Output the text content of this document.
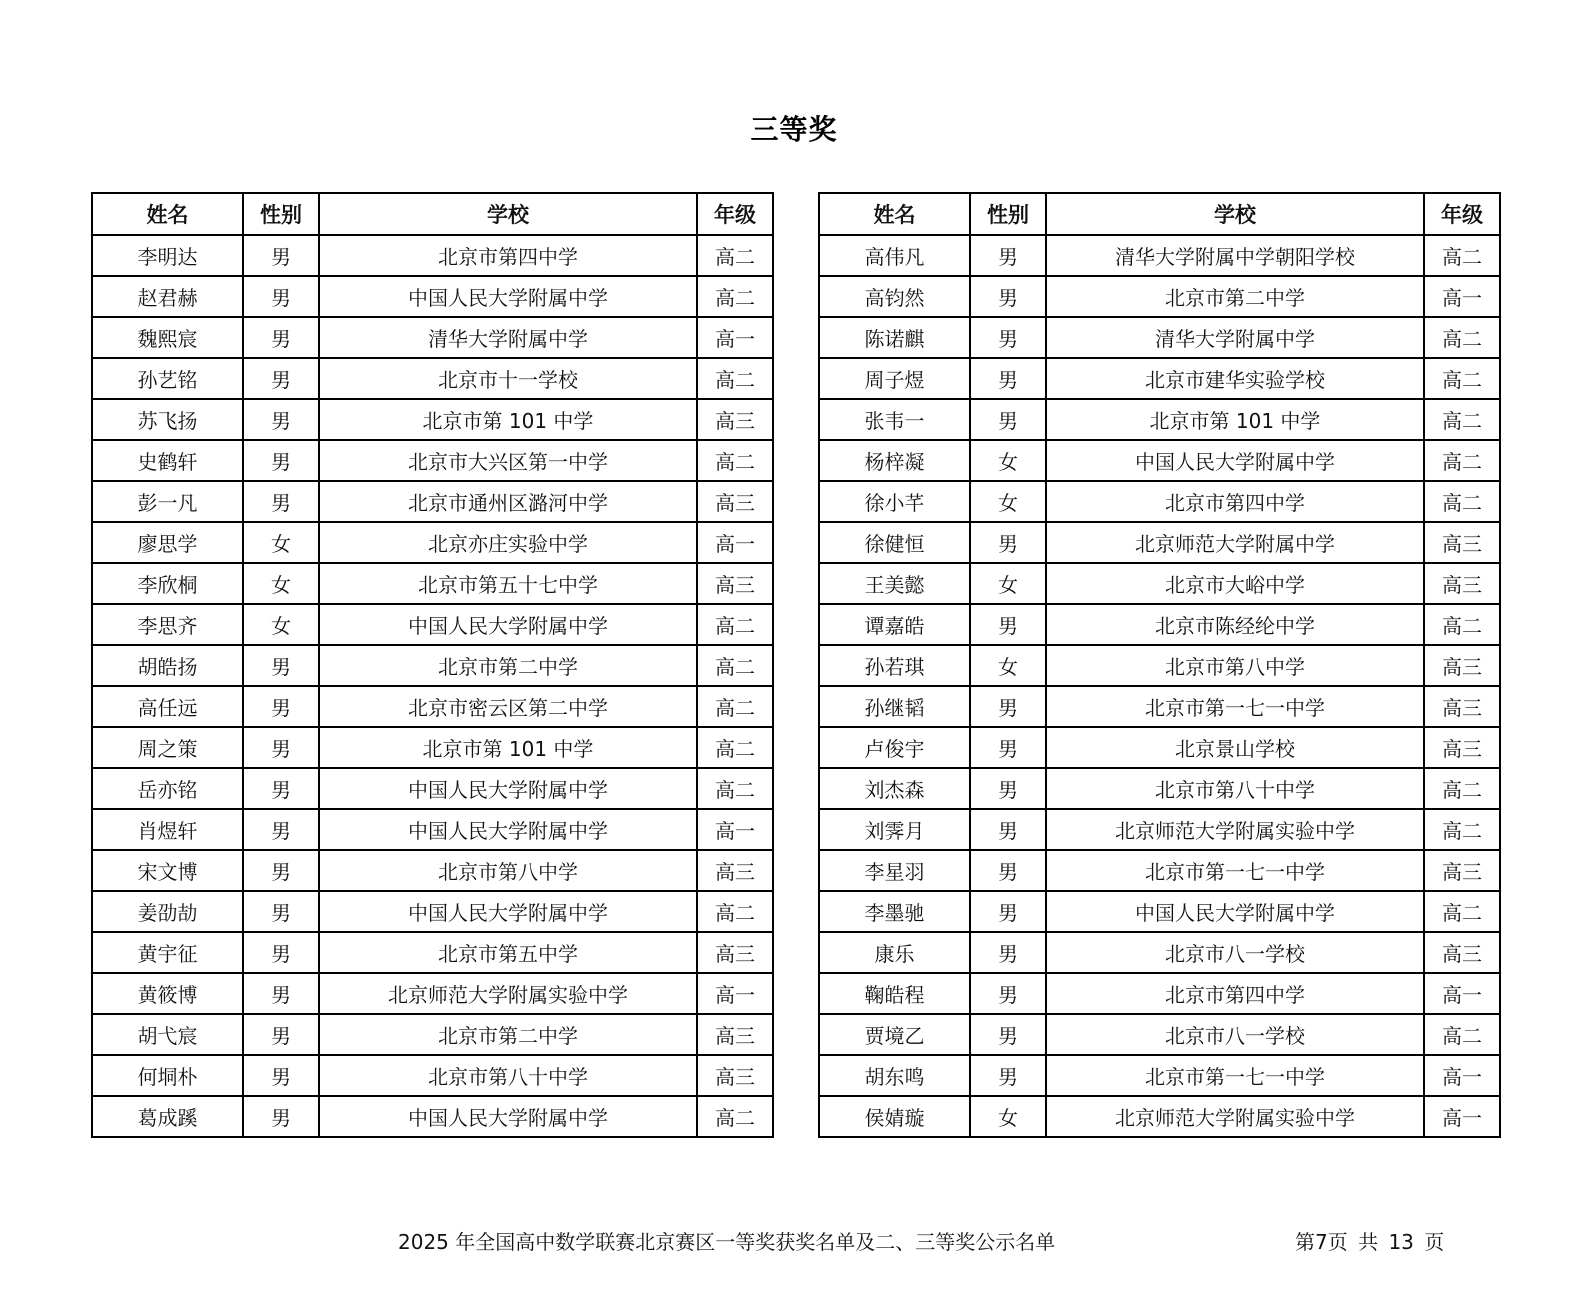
三等奖
姓名	性别	学校	年级
李明达	男	北京市第四中学	高二
赵君赫	男	中国人民大学附属中学	高二
魏熙宸	男	清华大学附属中学	高一
孙艺铭	男	北京市十一学校	高二
苏飞扬	男	北京市第 101 中学	高三
史鹤轩	男	北京市大兴区第一中学	高二
彭一凡	男	北京市通州区潞河中学	高三
廖思学	女	北京亦庄实验中学	高一
李欣桐	女	北京市第五十七中学	高三
李思齐	女	中国人民大学附属中学	高二
胡皓扬	男	北京市第二中学	高二
高任远	男	北京市密云区第二中学	高二
周之策	男	北京市第 101 中学	高二
岳亦铭	男	中国人民大学附属中学	高二
肖煜轩	男	中国人民大学附属中学	高一
宋文博	男	北京市第八中学	高三
姜劭劼	男	中国人民大学附属中学	高二
黄宇征	男	北京市第五中学	高三
黄筱博	男	北京师范大学附属实验中学	高一
胡弋宸	男	北京市第二中学	高三
何垌朴	男	北京市第八十中学	高三
葛成蹊	男	中国人民大学附属中学	高二
姓名	性别	学校	年级
高伟凡	男	清华大学附属中学朝阳学校	高二
高钧然	男	北京市第二中学	高一
陈诺麒	男	清华大学附属中学	高二
周子煜	男	北京市建华实验学校	高二
张韦一	男	北京市第 101 中学	高二
杨梓凝	女	中国人民大学附属中学	高二
徐小芊	女	北京市第四中学	高二
徐健恒	男	北京师范大学附属中学	高三
王美懿	女	北京市大峪中学	高三
谭嘉皓	男	北京市陈经纶中学	高二
孙若琪	女	北京市第八中学	高三
孙继韬	男	北京市第一七一中学	高三
卢俊宇	男	北京景山学校	高三
刘杰森	男	北京市第八十中学	高二
刘霁月	男	北京师范大学附属实验中学	高二
李星羽	男	北京市第一七一中学	高三
李墨驰	男	中国人民大学附属中学	高二
康乐	男	北京市八一学校	高三
鞠皓程	男	北京市第四中学	高一
贾境乙	男	北京市八一学校	高二
胡东鸣	男	北京市第一七一中学	高一
侯婧璇	女	北京师范大学附属实验中学	高一
2025 年全国高中数学联赛北京赛区一等奖获奖名单及二、三等奖公示名单	第7页 共 13 页
